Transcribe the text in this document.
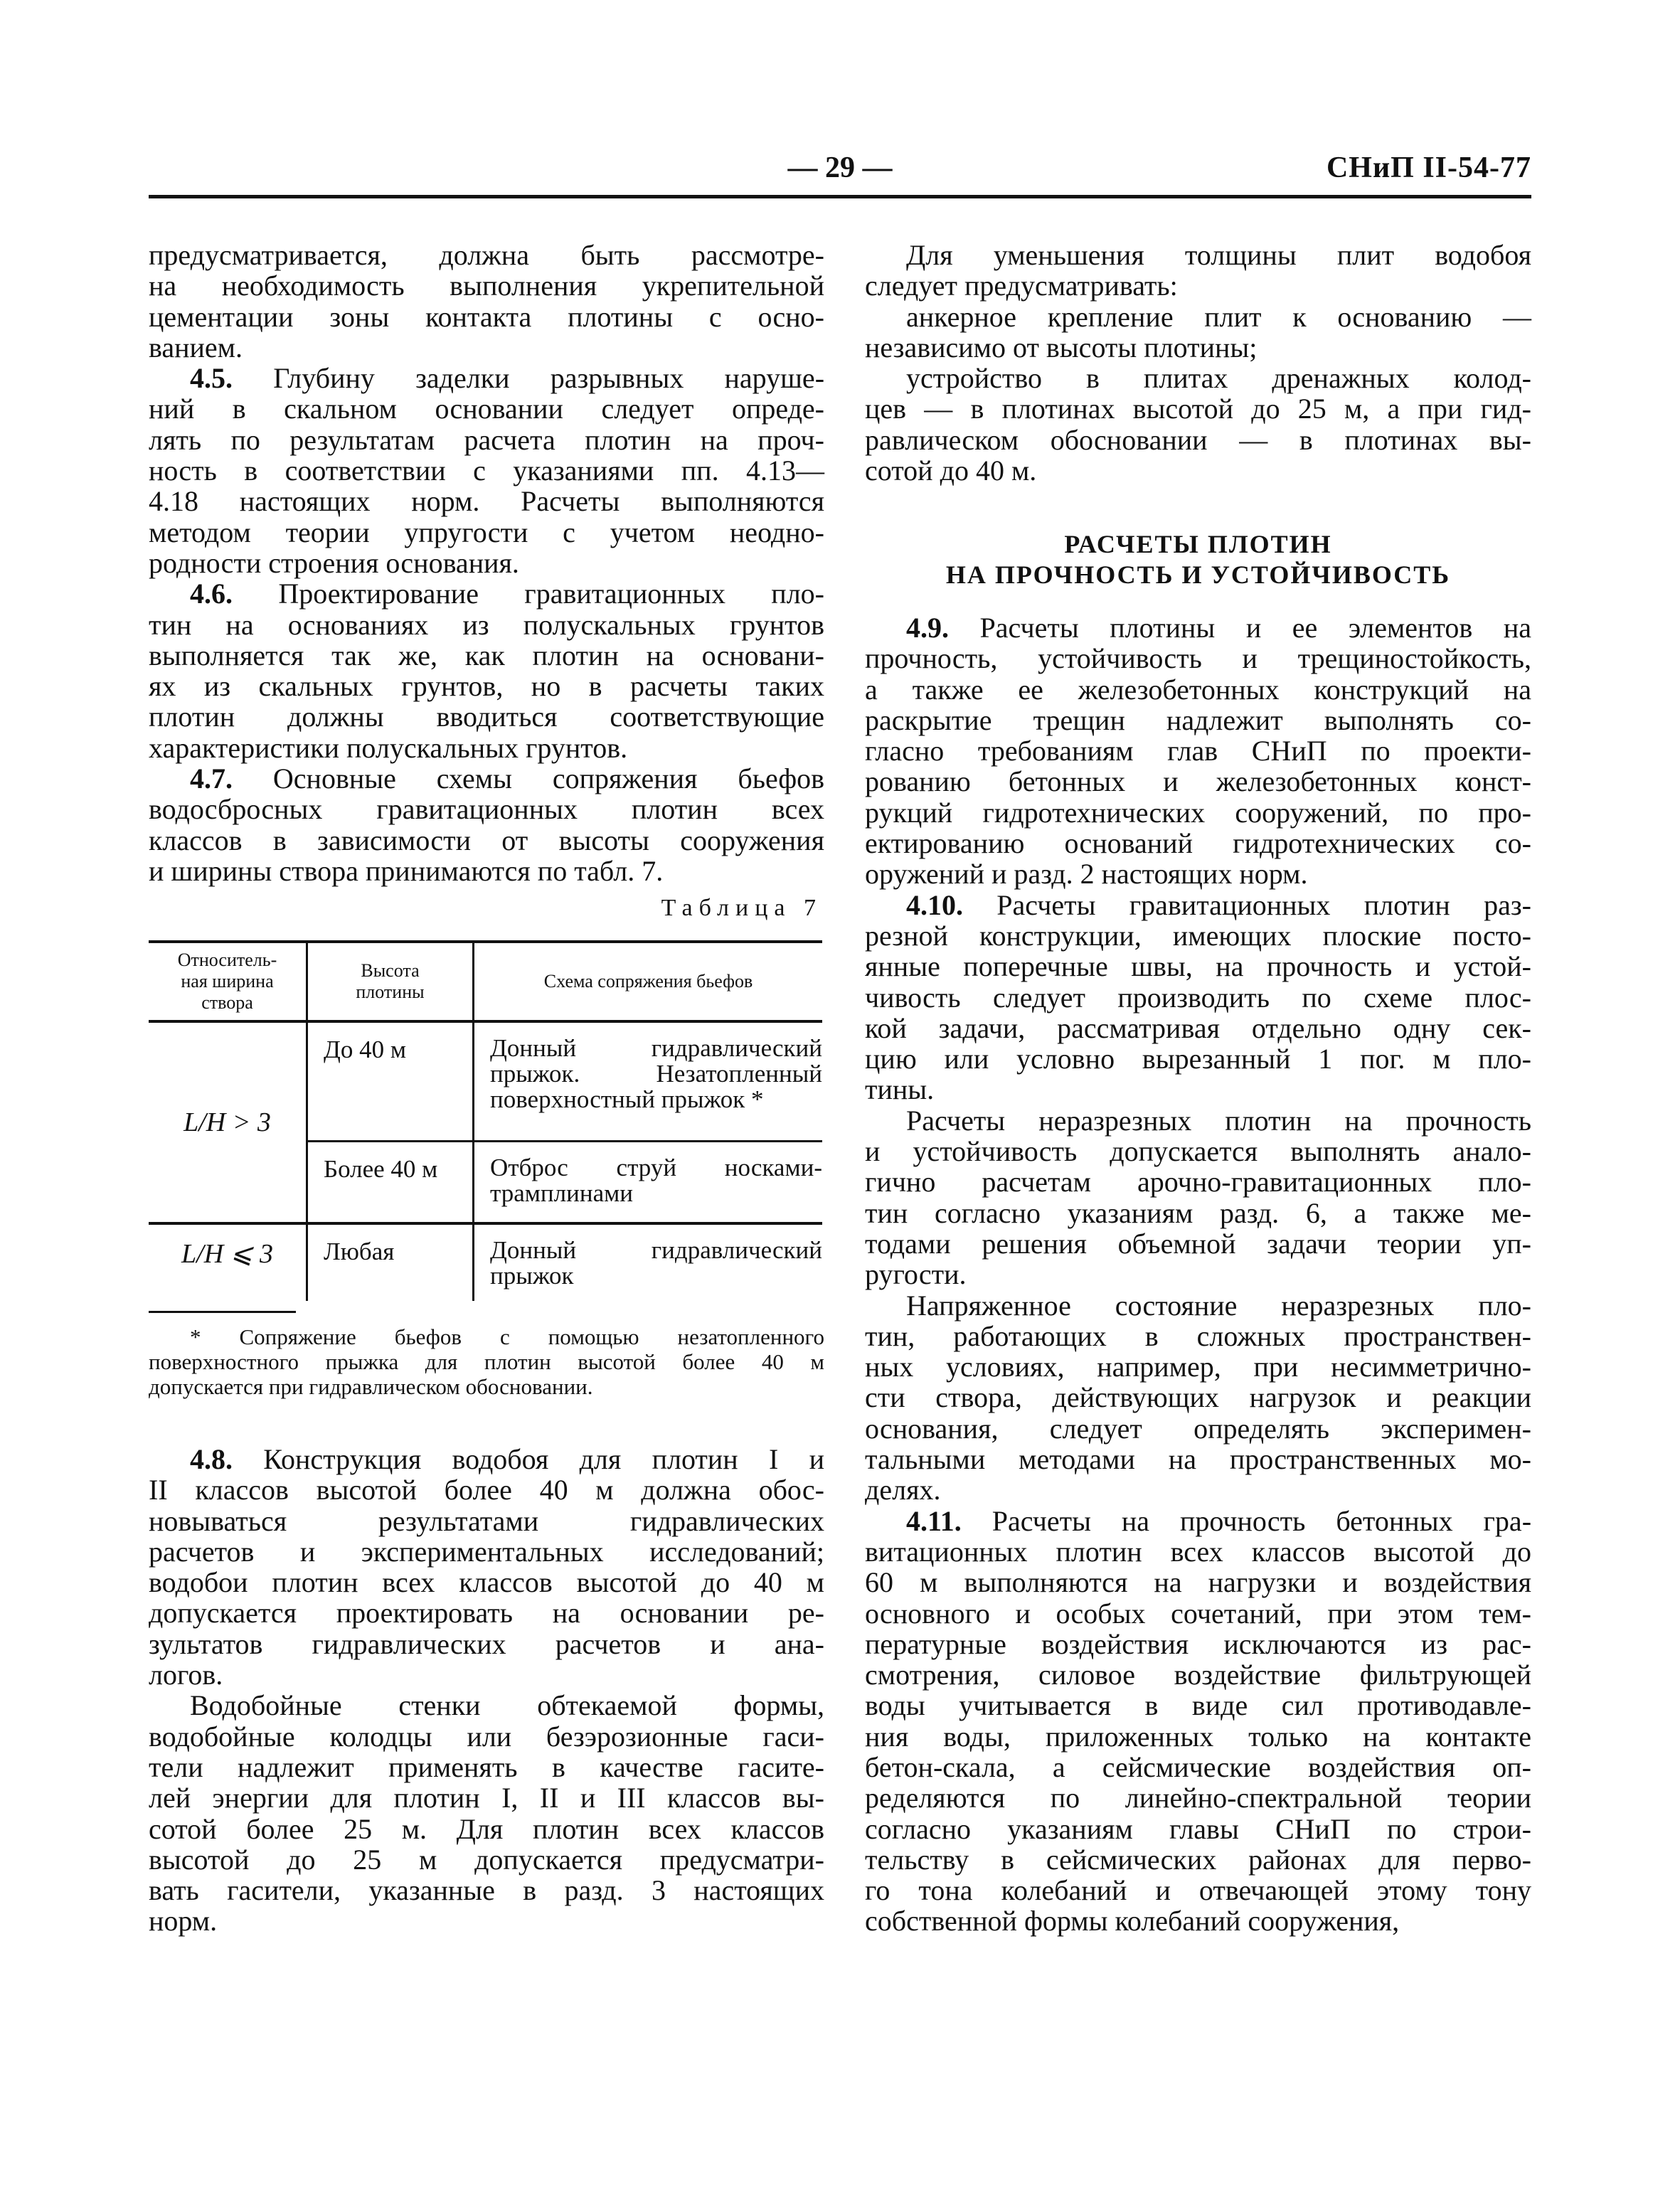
— 29 —	СНиП II-54-77
предусматривается, должна быть рассмотре-
на необходимость выполнения укрепительной
цементации зоны контакта плотины с осно-
ванием.
4.5. Глубину заделки разрывных наруше-
ний в скальном основании следует опреде-
лять по результатам расчета плотин на проч-
ность в соответствии с указаниями пп. 4.13—
4.18 настоящих норм. Расчеты выполняются
методом теории упругости с учетом неодно-
родности строения основания.
4.6. Проектирование гравитационных пло-
тин на основаниях из полускальных грунтов
выполняется так же, как плотин на основани-
ях из скальных грунтов, но в расчеты таких
плотин должны вводиться соответствующие
характеристики полускальных грунтов.
4.7. Основные схемы сопряжения бьефов
водосбросных гравитационных плотин всех
классов в зависимости от высоты сооружения
и ширины створа принимаются по табл. 7.
Таблица 7
Относитель- ная ширина створа	Высота плотины	Схема сопряжения бьефов
L/H > 3	До 40 м	Донный гидравлический прыжок. Незатопленный поверхностный прыжок *
	Более 40 м	Отброс струй носками-трамплинами
L/H ⩽ 3	Любая	Донный гидравлический прыжок
* Сопряжение бьефов с помощью незатопленного
поверхностного прыжка для плотин высотой более 40 м
допускается при гидравлическом обосновании.
4.8. Конструкция водобоя для плотин I и
II классов высотой более 40 м должна обос-
новываться результатами гидравлических
расчетов и экспериментальных исследований;
водобои плотин всех классов высотой до 40 м
допускается проектировать на основании ре-
зультатов гидравлических расчетов и ана-
логов.
Водобойные стенки обтекаемой формы,
водобойные колодцы или безэрозионные гаси-
тели надлежит применять в качестве гасите-
лей энергии для плотин I, II и III классов вы-
сотой более 25 м. Для плотин всех классов
высотой до 25 м допускается предусматри-
вать гасители, указанные в разд. 3 настоящих
норм.
Для уменьшения толщины плит водобоя
следует предусматривать:
анкерное крепление плит к основанию —
независимо от высоты плотины;
устройство в плитах дренажных колод-
цев — в плотинах высотой до 25 м, а при гид-
равлическом обосновании — в плотинах вы-
сотой до 40 м.
РАСЧЕТЫ ПЛОТИН
НА ПРОЧНОСТЬ И УСТОЙЧИВОСТЬ
4.9. Расчеты плотины и ее элементов на
прочность, устойчивость и трещиностойкость,
а также ее железобетонных конструкций на
раскрытие трещин надлежит выполнять со-
гласно требованиям глав СНиП по проекти-
рованию бетонных и железобетонных конст-
рукций гидротехнических сооружений, по про-
ектированию оснований гидротехнических со-
оружений и разд. 2 настоящих норм.
4.10. Расчеты гравитационных плотин раз-
резной конструкции, имеющих плоские посто-
янные поперечные швы, на прочность и устой-
чивость следует производить по схеме плос-
кой задачи, рассматривая отдельно одну сек-
цию или условно вырезанный 1 пог. м пло-
тины.
Расчеты неразрезных плотин на прочность
и устойчивость допускается выполнять анало-
гично расчетам арочно-гравитационных пло-
тин согласно указаниям разд. 6, а также ме-
тодами решения объемной задачи теории уп-
ругости.
Напряженное состояние неразрезных пло-
тин, работающих в сложных пространствен-
ных условиях, например, при несимметрично-
сти створа, действующих нагрузок и реакции
основания, следует определять эксперимен-
тальными методами на пространственных мо-
делях.
4.11. Расчеты на прочность бетонных гра-
витационных плотин всех классов высотой до
60 м выполняются на нагрузки и воздействия
основного и особых сочетаний, при этом тем-
пературные воздействия исключаются из рас-
смотрения, силовое воздействие фильтрующей
воды учитывается в виде сил противодавле-
ния воды, приложенных только на контакте
бетон-скала, а сейсмические воздействия оп-
ределяются по линейно-спектральной теории
согласно указаниям главы СНиП по строи-
тельству в сейсмических районах для перво-
го тона колебаний и отвечающей этому тону
собственной формы колебаний сооружения,
